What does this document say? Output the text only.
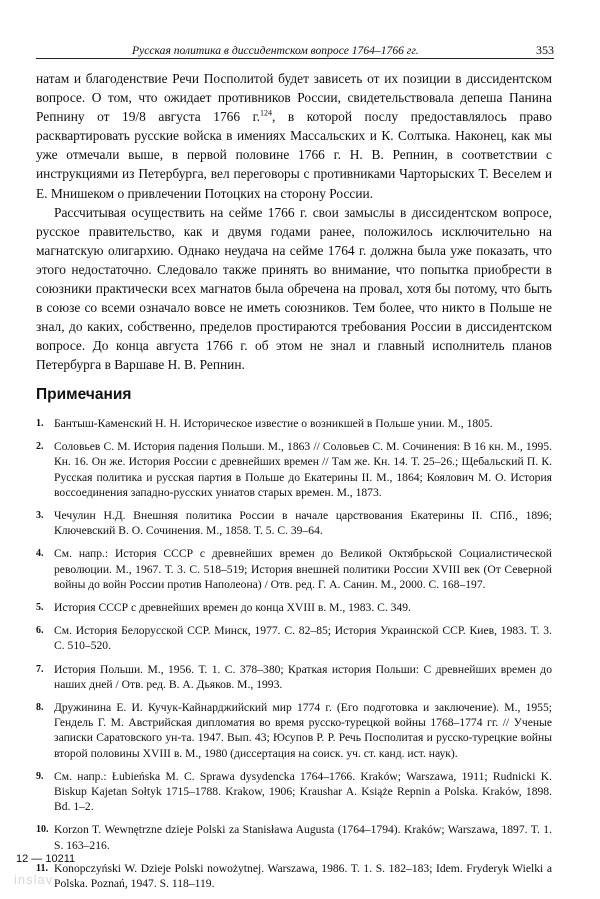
Русская политика в диссидентском вопросе 1764–1766 гг.	353

натам и благоденствие Речи Посполитой будет зависеть от их позиции в диссидентском вопросе. О том, что ожидает противников России, свидетельствовала депеша Панина Репнину от 19/8 августа 1766 г.$^{124}$, в которой послу предоставлялось право расквартировать русские войска в имениях Массальских и К. Солтыка. Наконец, как мы уже отмечали выше, в первой половине 1766 г. Н. В. Репнин, в соответствии с инструкциями из Петербурга, вел переговоры с противниками Чарторыских Т. Веселем и Е. Мнишеком о привлечении Потоцких на сторону России.

Рассчитывая осуществить на сейме 1766 г. свои замыслы в диссидентском вопросе, русское правительство, как и двумя годами ранее, положилось исключительно на магнатскую олигархию. Однако неудача на сейме 1764 г. должна была уже показать, что этого недостаточно. Следовало также принять во внимание, что попытка приобрести в союзники практически всех магнатов была обречена на провал, хотя бы потому, что быть в союзе со всеми означало вовсе не иметь союзников. Тем более, что никто в Польше не знал, до каких, собственно, пределов простираются требования России в диссидентском вопросе. До конца августа 1766 г. об этом не знал и главный исполнитель планов Петербурга в Варшаве Н. В. Репнин.

Примечания
1. Бантыш-Каменский Н. Н. Историческое известие о возникшей в Польше унии. М., 1805.
2. Соловьев С. М. История падения Польши. М., 1863 // Соловьев С. М. Сочинения: В 16 кн. М., 1995. Кн. 16. Он же. История России с древнейших времен // Там же. Кн. 14. Т. 25–26.; Щебальский П. К. Русская политика и русская партия в Польше до Екатерины II. М., 1864; Коялович М. О. История воссоединения западно-русских униатов старых времен. М., 1873.
3. Чечулин Н.Д. Внешняя политика России в начале царствования Екатерины II. СПб., 1896; Ключевский В. О. Сочинения. М., 1858. Т. 5. С. 39–64.
4. См. напр.: История СССР с древнейших времен до Великой Октябрьской Социалистической революции. М., 1967. Т. 3. С. 518–519; История внешней политики России XVIII век (От Северной войны до войн России против Наполеона) / Отв. ред. Г. А. Санин. М., 2000. С. 168–197.
5. История СССР с древнейших времен до конца XVIII в. М., 1983. С. 349.
6. См. История Белорусской ССР. Минск, 1977. С. 82–85; История Украинской ССР. Киев, 1983. Т. 3. С. 510–520.
7. История Польши. М., 1956. Т. 1. С. 378–380; Краткая история Польши: С древнейших времен до наших дней / Отв. ред. В. А. Дьяков. М., 1993.
8. Дружинина Е. И. Кучук-Кайнарджийский мир 1774 г. (Его подготовка и заключение). М., 1955; Гендель Г. М. Австрийская дипломатия во время русско-турецкой войны 1768–1774 гг. // Ученые записки Саратовского ун-та. 1947. Вып. 43; Юсупов Р. Р. Речь Посполитая и русско-турецкие войны второй половины XVIII в. М., 1980 (диссертация на соиск. уч. ст. канд. ист. наук).
9. См. напр.: Łubieńska M. C. Sprawa dysydencka 1764–1766. Kraków; Warszawa, 1911; Rudnicki K. Biskup Kajetan Sołtyk 1715–1788. Krakow, 1906; Kraushar A. Książe Repnin a Polska. Kraków, 1898. Bd. 1–2.
10. Korzon T. Wewnętrzne dzieje Polski za Stanisława Augusta (1764–1794). Kraków; Warszawa, 1897. T. 1. S. 163–216.
11. Konopczyński W. Dzieje Polski nowożytnej. Warszawa, 1986. T. 1. S. 182–183; Idem. Fryderyk Wielki a Polska. Poznań, 1947. S. 118–119.
12 — 10211
inslav
